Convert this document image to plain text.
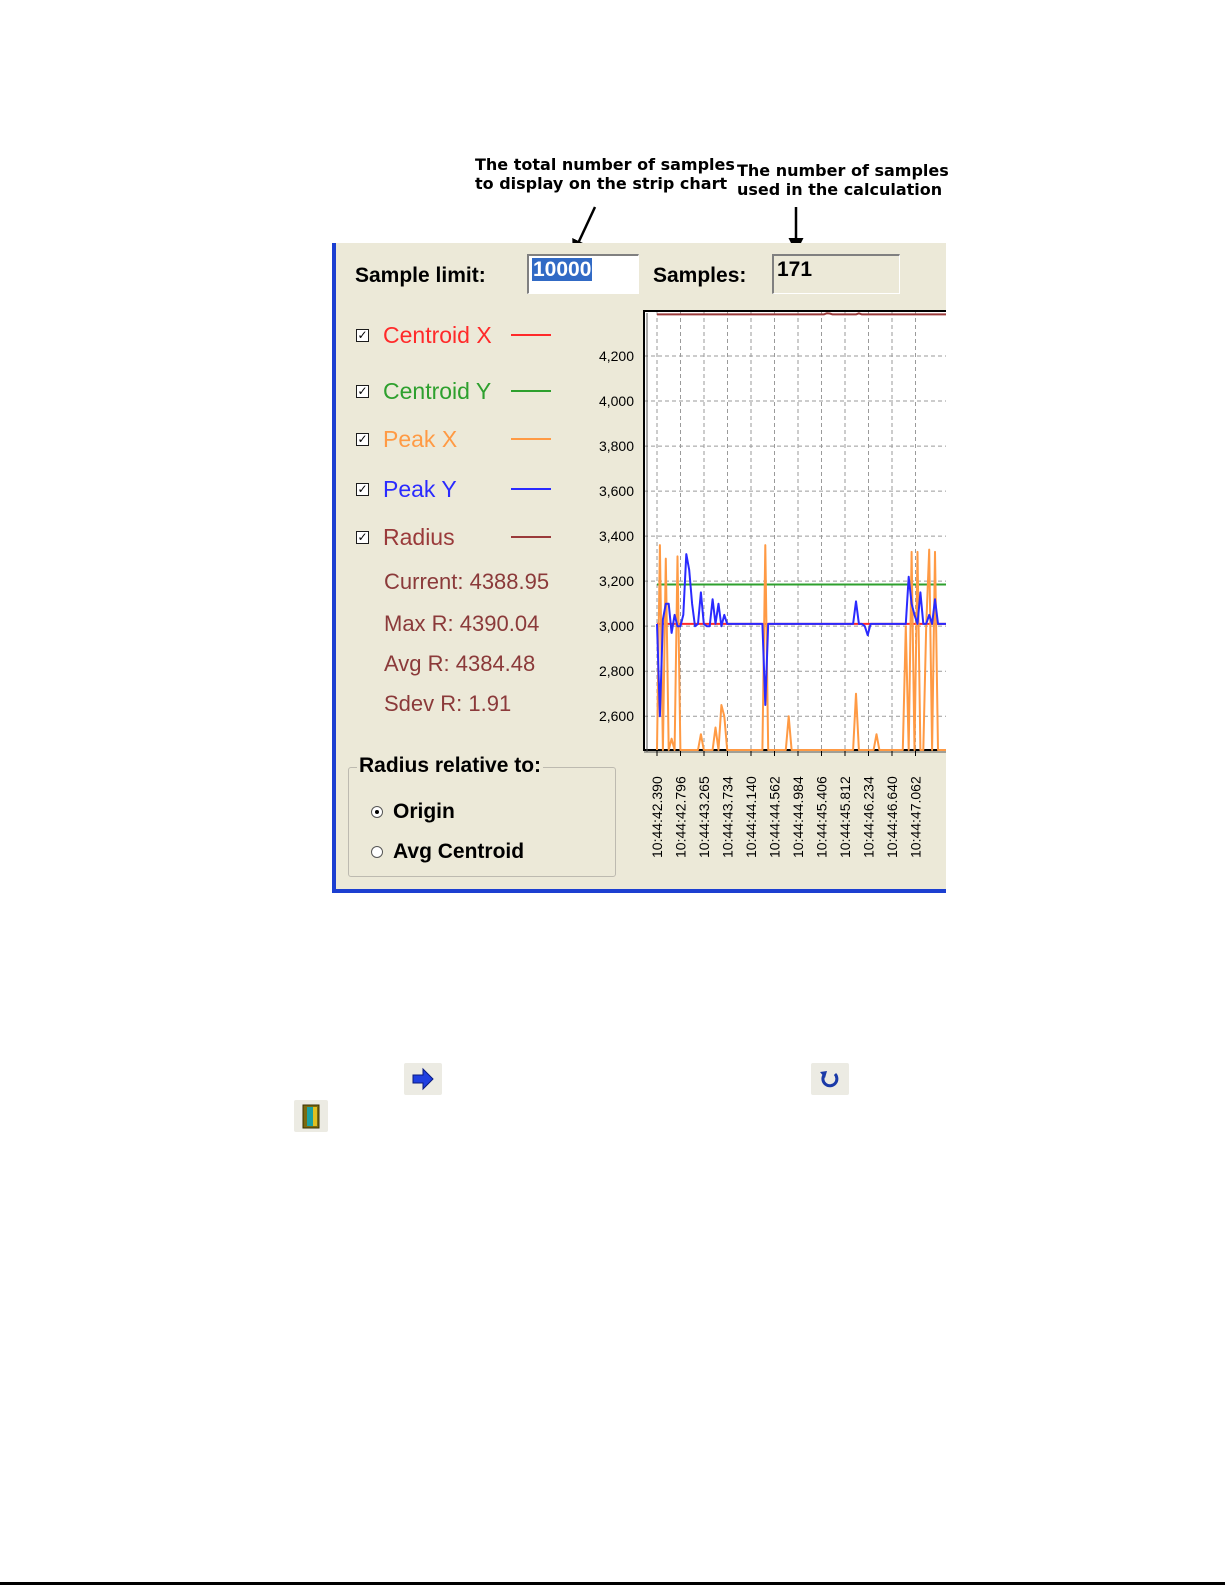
The total number of samples
to display on the strip chart
The number of samples
used in the calculation
Sample limit: 10000	Samples: 171
✓ Centroid X
✓ Centroid Y
✓ Peak X
✓ Peak Y
✓ Radius
Current: 4388.95
Max R: 4390.04
Avg R: 4384.48
Sdev R: 1.91
Radius relative to:
Origin
Avg Centroid
2,600
2,800
3,000
3,200
3,400
3,600
3,800
4,000
4,200
10:44:42.390 10:44:42.796 10:44:43.265 10:44:43.734 10:44:44.140 10:44:44.562 10:44:44.984 10:44:45.406 10:44:45.812 10:44:46.234 10:44:46.640 10:44:47.062
